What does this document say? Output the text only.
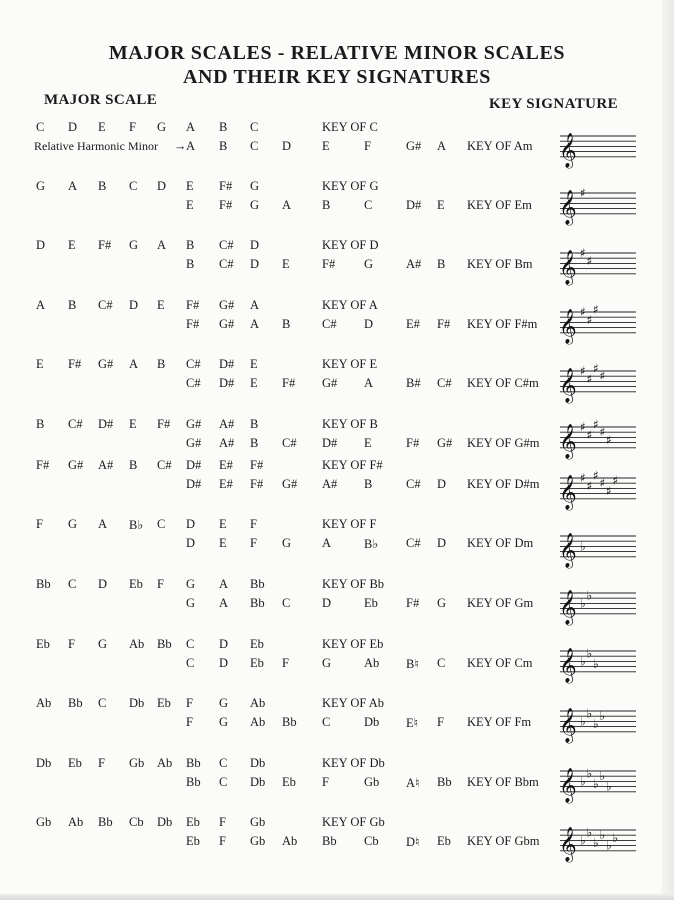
MAJOR SCALES - RELATIVE MINOR SCALES
AND THEIR KEY SIGNATURES
MAJOR SCALE	KEY SIGNATURE
C D E F G A B C	KEY OF C
Relative Harmonic Minor → A B C D E	F	G# A KEY OF Am 𝄞
G A B C D E F# G	KEY OF G
E F# G A B	C	D# E KEY OF Em 𝄞 ♯
D E F# G A B C# D	KEY OF D
B C# D E	F# G	A# B KEY OF Bm 𝄞 ♯
♯
A B C# D E F# G# A	KEY OF A
F# G# A B	C# D	E# F# KEY OF F#m 𝄞 ♯
♯
♯
E F# G# A B C# D# E	KEY OF E
C# D# E F# G# A	B# C# KEY OF C#m 𝄞 ♯
♯
♯
♯
B C# D# E F# G# A# B	KEY OF B
G# A# B C# D# E	F# G# KEY OF G#m 𝄞 ♯
♯
♯
♯
♯
F# G# A# B C# D# E# F#	KEY OF F#
D# E# F# G# A# B	C# D KEY OF D#m 𝄞 ♯
♯
♯
♯
♯
♯
F G A B♭ C D E F	KEY OF F
D E F G A	B♭ C# D KEY OF Dm 𝄞 ♭
Bb C D Eb F G A Bb	KEY OF Bb
G A Bb C	D	Eb F# G KEY OF Gm 𝄞 ♭
♭
Eb F G Ab Bb C D Eb	KEY OF Eb
C D Eb F	G	Ab B♮ C KEY OF Cm 𝄞 ♭
♭
♭
Ab Bb C Db Eb F G Ab	KEY OF Ab
F G Ab Bb C	Db E♮ F KEY OF Fm 𝄞 ♭
♭
♭
♭
Db Eb F Gb Ab Bb C Db	KEY OF Db
Bb C Db Eb F	Gb A♮ Bb KEY OF Bbm 𝄞 ♭
♭
♭
♭
♭
Gb Ab Bb Cb Db Eb F Gb	KEY OF Gb
Eb F Gb Ab Bb Cb D♮ Eb KEY OF Gbm 𝄞 ♭
♭
♭
♭
♭
♭
